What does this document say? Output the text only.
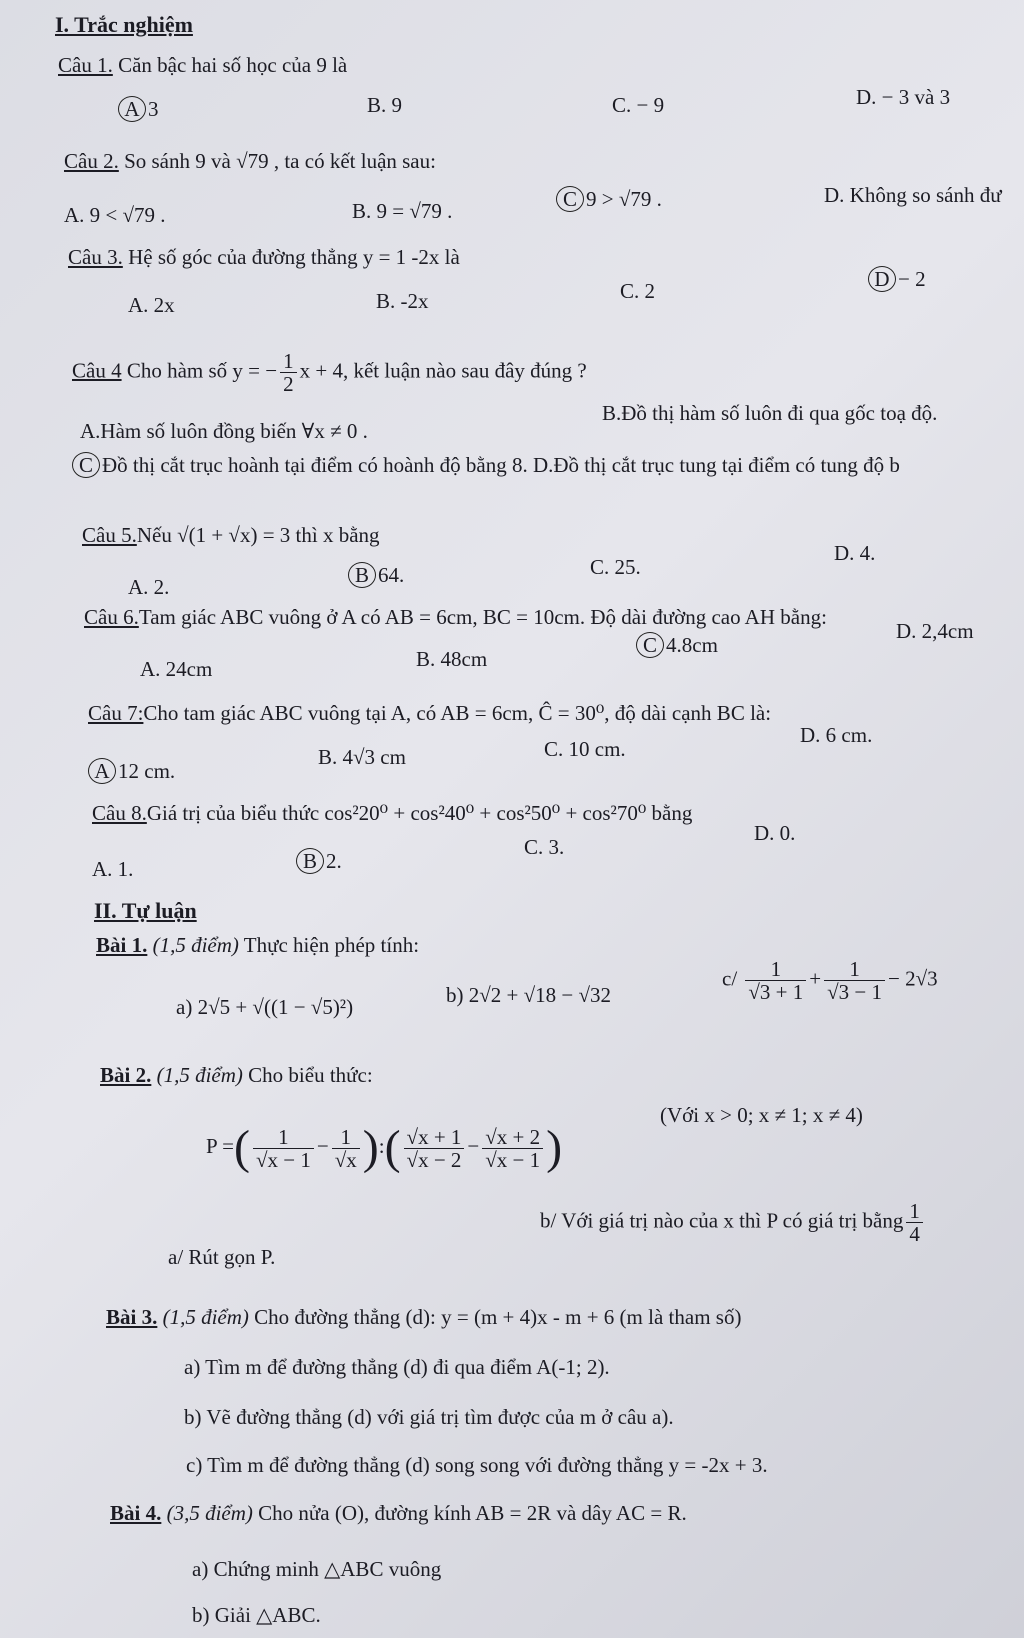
I. Trắc nghiệm
Câu 1. Căn bậc hai số học của 9 là
A 3	B. 9	C. − 9	D. − 3 và 3
Câu 2. So sánh 9 và √79 , ta có kết luận sau:
A. 9 < √79 .	B. 9 = √79 .	C 9 > √79 .	D. Không so sánh đư
Câu 3. Hệ số góc của đường thẳng y = 1 -2x là
A. 2x	B. -2x	C. 2	D − 2
Câu 4 Cho hàm số y = − $\frac{1}{2}$ x + 4, kết luận nào sau đây đúng ?
A.Hàm số luôn đồng biến ∀x ≠ 0 .
B.Đồ thị hàm số luôn đi qua gốc toạ độ.
C Đồ thị cắt trục hoành tại điểm có hoành độ bằng 8. D.Đồ thị cắt trục tung tại điểm có tung độ b
Câu 5.Nếu √(1 + √x) = 3 thì x bằng
A. 2.	B 64.	C. 25.
D. 4.
Câu 6.Tam giác ABC vuông ở A có AB = 6cm, BC = 10cm. Độ dài đường cao AH bằng:
A. 24cm	B. 48cm
C 4.8cm
D. 2,4cm
Câu 7:Cho tam giác ABC vuông tại A, có AB = 6cm, Ĉ = 30⁰, độ dài cạnh BC là:
A 12 cm.
B. 4√3 cm	C. 10 cm.
D. 6 cm.
Câu 8.Giá trị của biểu thức cos²20⁰ + cos²40⁰ + cos²50⁰ + cos²70⁰ bằng
A. 1.	B 2.
C. 3.
D. 0.
II. Tự luận
Bài 1. (1,5 điểm) Thực hiện phép tính:
a) 2√5 + √((1 − √5)²)	b) 2√2 + √18 − √32
$c/ \frac{1}{√3 + 1} + \frac{1}{√3 - 1} - 2√3$
Bài 2. (1,5 điểm) Cho biểu thức:
P =( $\frac{1}{√x - 1} - \frac{1}{√x}$ ):( $\frac{√x + 1}{√x - 2} - \frac{√x + 2}{√x - 1}$ )
(Với x > 0; x ≠ 1; x ≠ 4)
a/ Rút gọn P.
b/ Với giá trị nào của x thì P có giá trị bằng $\frac{1}{4}$
Bài 3. (1,5 điểm) Cho đường thẳng (d): y = (m + 4)x - m + 6 (m là tham số)
a) Tìm m để đường thẳng (d) đi qua điểm A(-1; 2).
b) Vẽ đường thẳng (d) với giá trị tìm được của m ở câu a).
c) Tìm m để đường thẳng (d) song song với đường thẳng y = -2x + 3.
Bài 4. (3,5 điểm) Cho nửa (O), đường kính AB = 2R và dây AC = R.
a) Chứng minh △ABC vuông
b) Giải △ABC.
